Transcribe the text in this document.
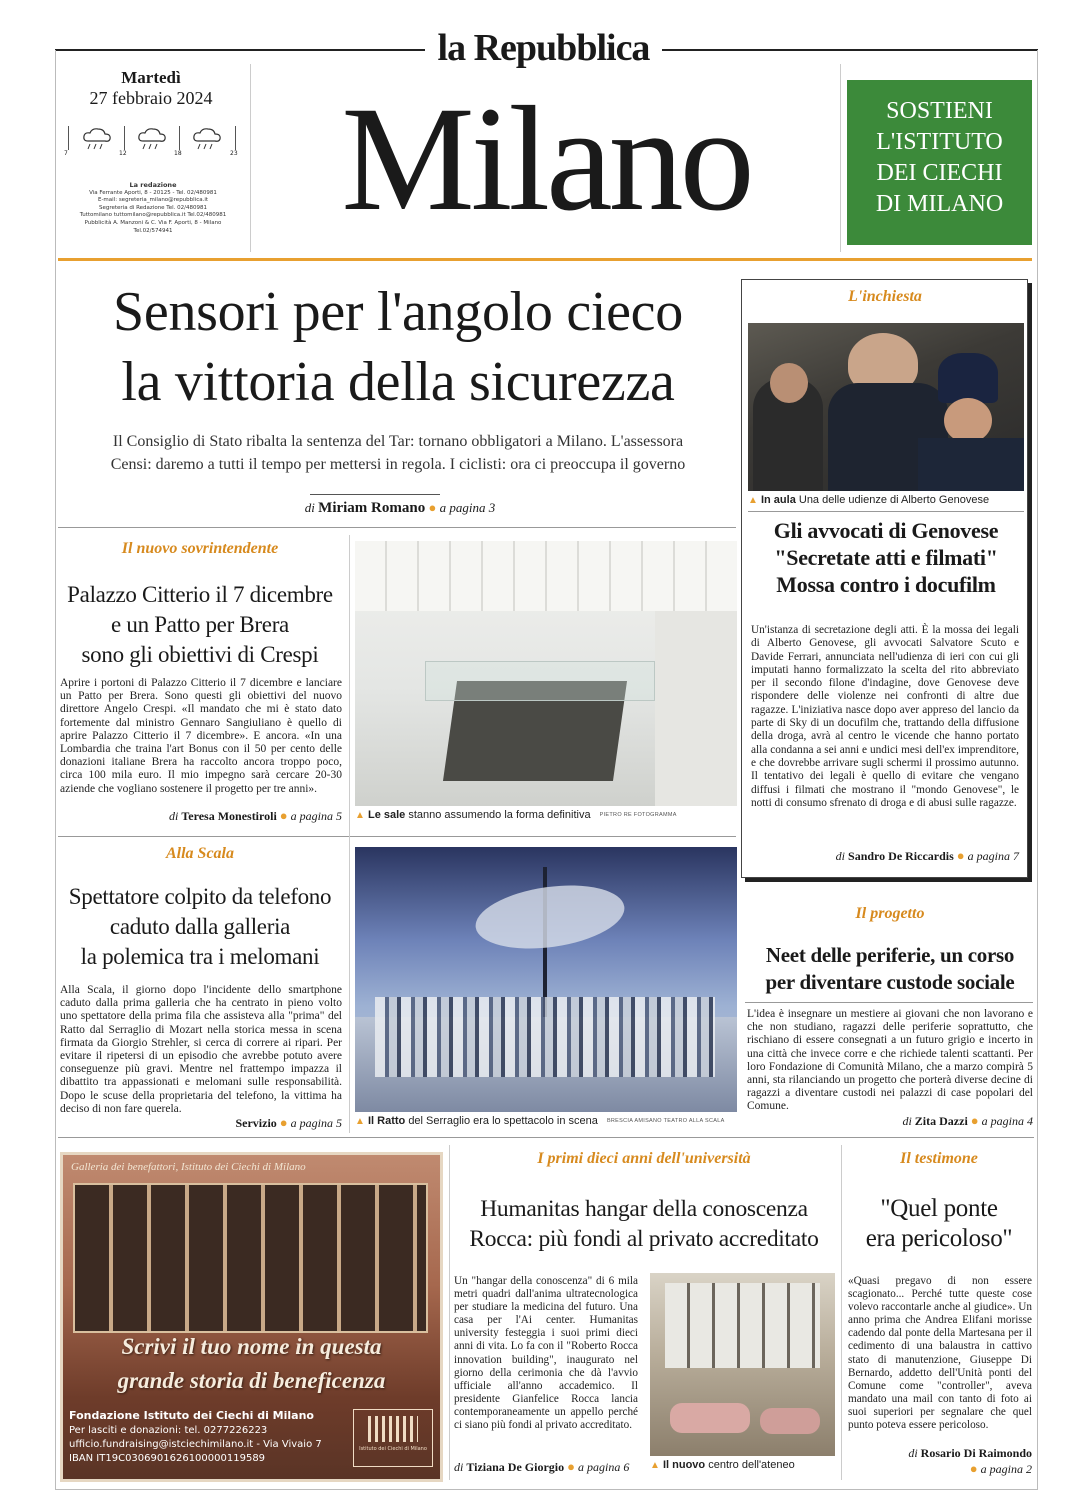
la Repubblica
Milano
Martedì
27 febbraio 2024
7	12	18	23
La redazione
Via Ferrante Aporti, 8 - 20125 - Tel. 02/480981
E-mail: segreteria_milano@repubblica.it
Segreteria di Redazione Tel. 02/480981
Tuttomilano tuttomilano@repubblica.it Tel.02/480981
Pubblicità A. Manzoni & C. Via F. Aporti, 8 - Milano
Tel.02/574941
SOSTIENI
L'ISTITUTO
DEI CIECHI
DI MILANO
Sensori per l'angolo cieco
la vittoria della sicurezza
Il Consiglio di Stato ribalta la sentenza del Tar: tornano obbligatori a Milano. L'assessora
Censi: daremo a tutti il tempo per mettersi in regola. I ciclisti: ora ci preoccupa il governo
di Miriam Romano ● a pagina 3
L'inchiesta
▲ In aula Una delle udienze di Alberto Genovese
Gli avvocati di Genovese
"Secretate atti e filmati"
Mossa contro i docufilm
Un'istanza di secretazione degli atti. È la mossa dei legali di Alberto Genovese, gli avvocati Salvatore Scuto e Davide Ferrari, annunciata nell'udienza di ieri con cui gli imputati hanno formalizzato la scelta del rito abbreviato per il secondo filone d'indagine, dove Genovese deve rispondere delle violenze nei confronti di altre due ragazze. L'iniziativa nasce dopo aver appreso del lancio da parte di Sky di un docufilm che, trattando della diffusione della droga, avrà al centro le vicende che hanno portato alla condanna a sei anni e undici mesi dell'ex imprenditore, e che dovrebbe arrivare sugli schermi il prossimo autunno. Il tentativo dei legali è quello di evitare che vengano diffusi i filmati che mostrano il "mondo Genovese", le notti di consumo sfrenato di droga e di abusi sulle ragazze.
di Sandro De Riccardis ● a pagina 7
Il nuovo sovrintendente
Palazzo Citterio il 7 dicembre
e un Patto per Brera
sono gli obiettivi di Crespi
Aprire i portoni di Palazzo Citterio il 7 dicembre e lanciare un Patto per Brera. Sono questi gli obiettivi del nuovo direttore Angelo Crespi. «Il mandato che mi è stato dato fortemente dal ministro Gennaro Sangiuliano è quello di aprire Palazzo Citterio il 7 dicembre». E ancora. «In una Lombardia che traina l'art Bonus con il 50 per cento delle donazioni italiane Brera ha raccolto ancora troppo poco, circa 100 mila euro. Il mio impegno sarà cercare 20-30 aziende che vogliano sostenere il progetto per tre anni».
di Teresa Monestiroli ● a pagina 5 ▲ Le sale stanno assumendo la forma definitiva PIETRO RE FOTOGRAMMA
Alla Scala
Spettatore colpito da telefono
caduto dalla galleria
la polemica tra i melomani
Alla Scala, il giorno dopo l'incidente dello smartphone caduto dalla prima galleria che ha centrato in pieno volto uno spettatore della prima fila che assisteva alla "prima" del Ratto dal Serraglio di Mozart nella storica messa in scena firmata da Giorgio Strehler, si cerca di correre ai ripari. Per evitare il ripetersi di un episodio che avrebbe potuto avere conseguenze più gravi. Mentre nel frattempo impazza il dibattito tra appassionati e melomani sulle responsabilità. Dopo le scuse della proprietaria del telefono, la vittima ha deciso di non fare querela.
Servizio ● a pagina 5 ▲ Il Ratto del Serraglio era lo spettacolo in scena BRESCIA AMISANO TEATRO ALLA SCALA
Il progetto
Neet delle periferie, un corso
per diventare custode sociale
L'idea è insegnare un mestiere ai giovani che non lavorano e che non studiano, ragazzi delle periferie soprattutto, che rischiano di essere consegnati a un futuro grigio e incerto in una città che invece corre e che richiede talenti scattanti. Per loro Fondazione di Comunità Milano, che a marzo compirà 5 anni, sta rilanciando un progetto che porterà diverse decine di ragazzi a diventare custodi nei palazzi di case popolari del Comune.
di Zita Dazzi ● a pagina 4
Galleria dei benefattori, Istituto dei Ciechi di Milano
Scrivi il tuo nome in questa
grande storia di beneficenza
Fondazione Istituto dei Ciechi di Milano
Per lasciti e donazioni: tel. 0277226223
ufficio.fundraising@istciechimilano.it - Via Vivaio 7
IBAN IT19C0306901626100000119589
Istituto dei Ciechi di Milano
I primi dieci anni dell'università
Humanitas hangar della conoscenza
Rocca: più fondi al privato accreditato
Un "hangar della conoscenza" di 6 mila metri quadri dall'anima ultratecnologica per studiare la medicina del futuro. Una casa per l'Ai center. Humanitas university festeggia i suoi primi dieci anni di vita. Lo fa con il "Roberto Rocca innovation building", inaugurato nel giorno della cerimonia che dà l'avvio ufficiale all'anno accademico. Il presidente Gianfelice Rocca lancia contemporaneamente un appello perché ci siano più fondi al privato accreditato.
di Tiziana De Giorgio ● a pagina 6	▲ Il nuovo centro dell'ateneo
Il testimone
"Quel ponte
era pericoloso"
«Quasi pregavo di non essere scagionato... Perché tutte queste cose volevo raccontarle anche al giudice». Un anno prima che Andrea Elifani morisse cadendo dal ponte della Martesana per il cedimento di una balaustra in cattivo stato di manutenzione, Giuseppe Di Bernardo, addetto dell'Unità ponti del Comune come "controller", aveva mandato una mail con tanto di foto ai suoi superiori per segnalare che quel punto poteva essere pericoloso.
di Rosario Di Raimondo
● a pagina 2
